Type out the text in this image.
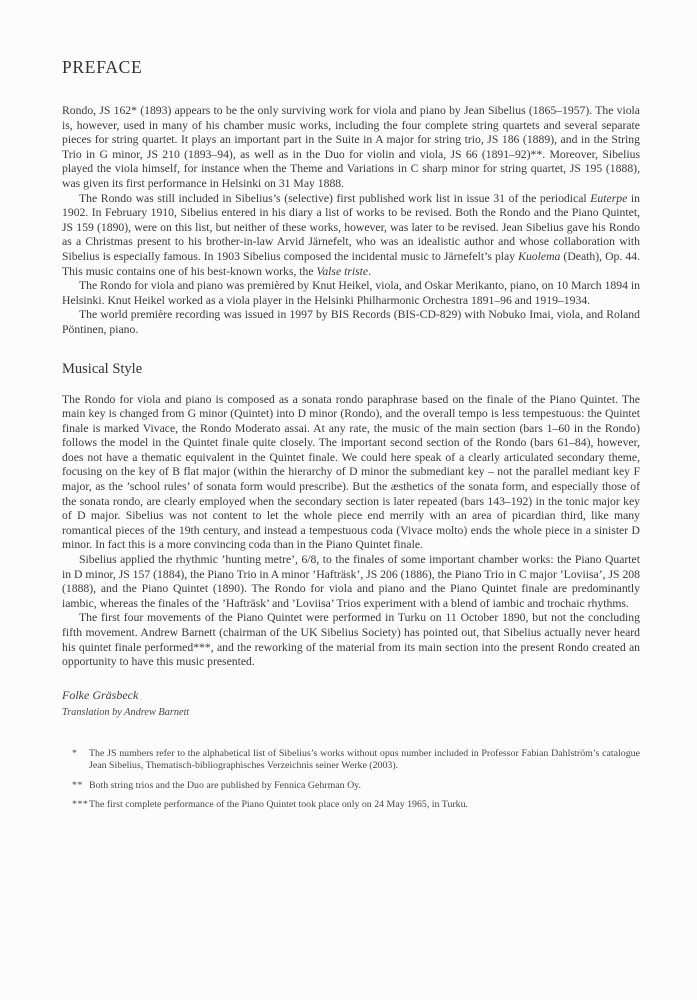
PREFACE

Rondo, JS 162* (1893) appears to be the only surviving work for viola and piano by Jean Sibelius (1865–1957). The viola is, however, used in many of his chamber music works, including the four complete string quartets and several separate pieces for string quartet. It plays an important part in the Suite in A major for string trio, JS 186 (1889), and in the String Trio in G minor, JS 210 (1893–94), as well as in the Duo for violin and viola, JS 66 (1891–92)**. Moreover, Sibelius played the viola himself, for instance when the Theme and Variations in C sharp minor for string quartet, JS 195 (1888), was given its first performance in Helsinki on 31 May 1888.

The Rondo was still included in Sibelius’s (selective) first published work list in issue 31 of the periodical Euterpe in 1902. In February 1910, Sibelius entered in his diary a list of works to be revised. Both the Rondo and the Piano Quintet, JS 159 (1890), were on this list, but neither of these works, however, was later to be revised. Jean Sibelius gave his Rondo as a Christmas present to his brother-in-law Arvid Järnefelt, who was an idealistic author and whose collaboration with Sibelius is especially famous. In 1903 Sibelius composed the incidental music to Järnefelt’s play Kuolema (Death), Op. 44. This music contains one of his best-known works, the Valse triste.

The Rondo for viola and piano was premièred by Knut Heikel, viola, and Oskar Merikanto, piano, on 10 March 1894 in Helsinki. Knut Heikel worked as a viola player in the Helsinki Philharmonic Orchestra 1891–96 and 1919–1934.

The world première recording was issued in 1997 by BIS Records (BIS-CD-829) with Nobuko Imai, viola, and Roland Pöntinen, piano.

Musical Style

The Rondo for viola and piano is composed as a sonata rondo paraphrase based on the finale of the Piano Quintet. The main key is changed from G minor (Quintet) into D minor (Rondo), and the overall tempo is less tempestuous: the Quintet finale is marked Vivace, the Rondo Moderato assai. At any rate, the music of the main section (bars 1–60 in the Rondo) follows the model in the Quintet finale quite closely. The important second section of the Rondo (bars 61–84), however, does not have a thematic equivalent in the Quintet finale. We could here speak of a clearly articulated secondary theme, focusing on the key of B flat major (within the hierarchy of D minor the submediant key – not the parallel mediant key F major, as the ’school rules’ of sonata form would prescribe). But the æsthetics of the sonata form, and especially those of the sonata rondo, are clearly employed when the secondary section is later repeated (bars 143–192) in the tonic major key of D major. Sibelius was not content to let the whole piece end merrily with an area of picardian third, like many romantical pieces of the 19th century, and instead a tempestuous coda (Vivace molto) ends the whole piece in a sinister D minor. In fact this is a more convincing coda than in the Piano Quintet finale.

Sibelius applied the rhythmic ’hunting metre’, 6/8, to the finales of some important chamber works: the Piano Quartet in D minor, JS 157 (1884), the Piano Trio in A minor ’Hafträsk’, JS 206 (1886), the Piano Trio in C major ’Loviisa’, JS 208 (1888), and the Piano Quintet (1890). The Rondo for viola and piano and the Piano Quintet finale are predominantly iambic, whereas the finales of the ’Hafträsk’ and ’Loviisa’ Trios experiment with a blend of iambic and trochaic rhythms.

The first four movements of the Piano Quintet were performed in Turku on 11 October 1890, but not the concluding fifth movement. Andrew Barnett (chairman of the UK Sibelius Society) has pointed out, that Sibelius actually never heard his quintet finale performed***, and the reworking of the material from its main section into the present Rondo created an opportunity to have this music presented.

Folke Gräsbeck

Translation by Andrew Barnett

*	The JS numbers refer to the alphabetical list of Sibelius’s works without opus number included in Professor Fabian Dahlström’s catalogue Jean Sibelius, Thematisch-bibliographisches Verzeichnis seiner Werke (2003).
** Both string trios and the Duo are published by Fennica Gehrman Oy.
*** The first complete performance of the Piano Quintet took place only on 24 May 1965, in Turku.
